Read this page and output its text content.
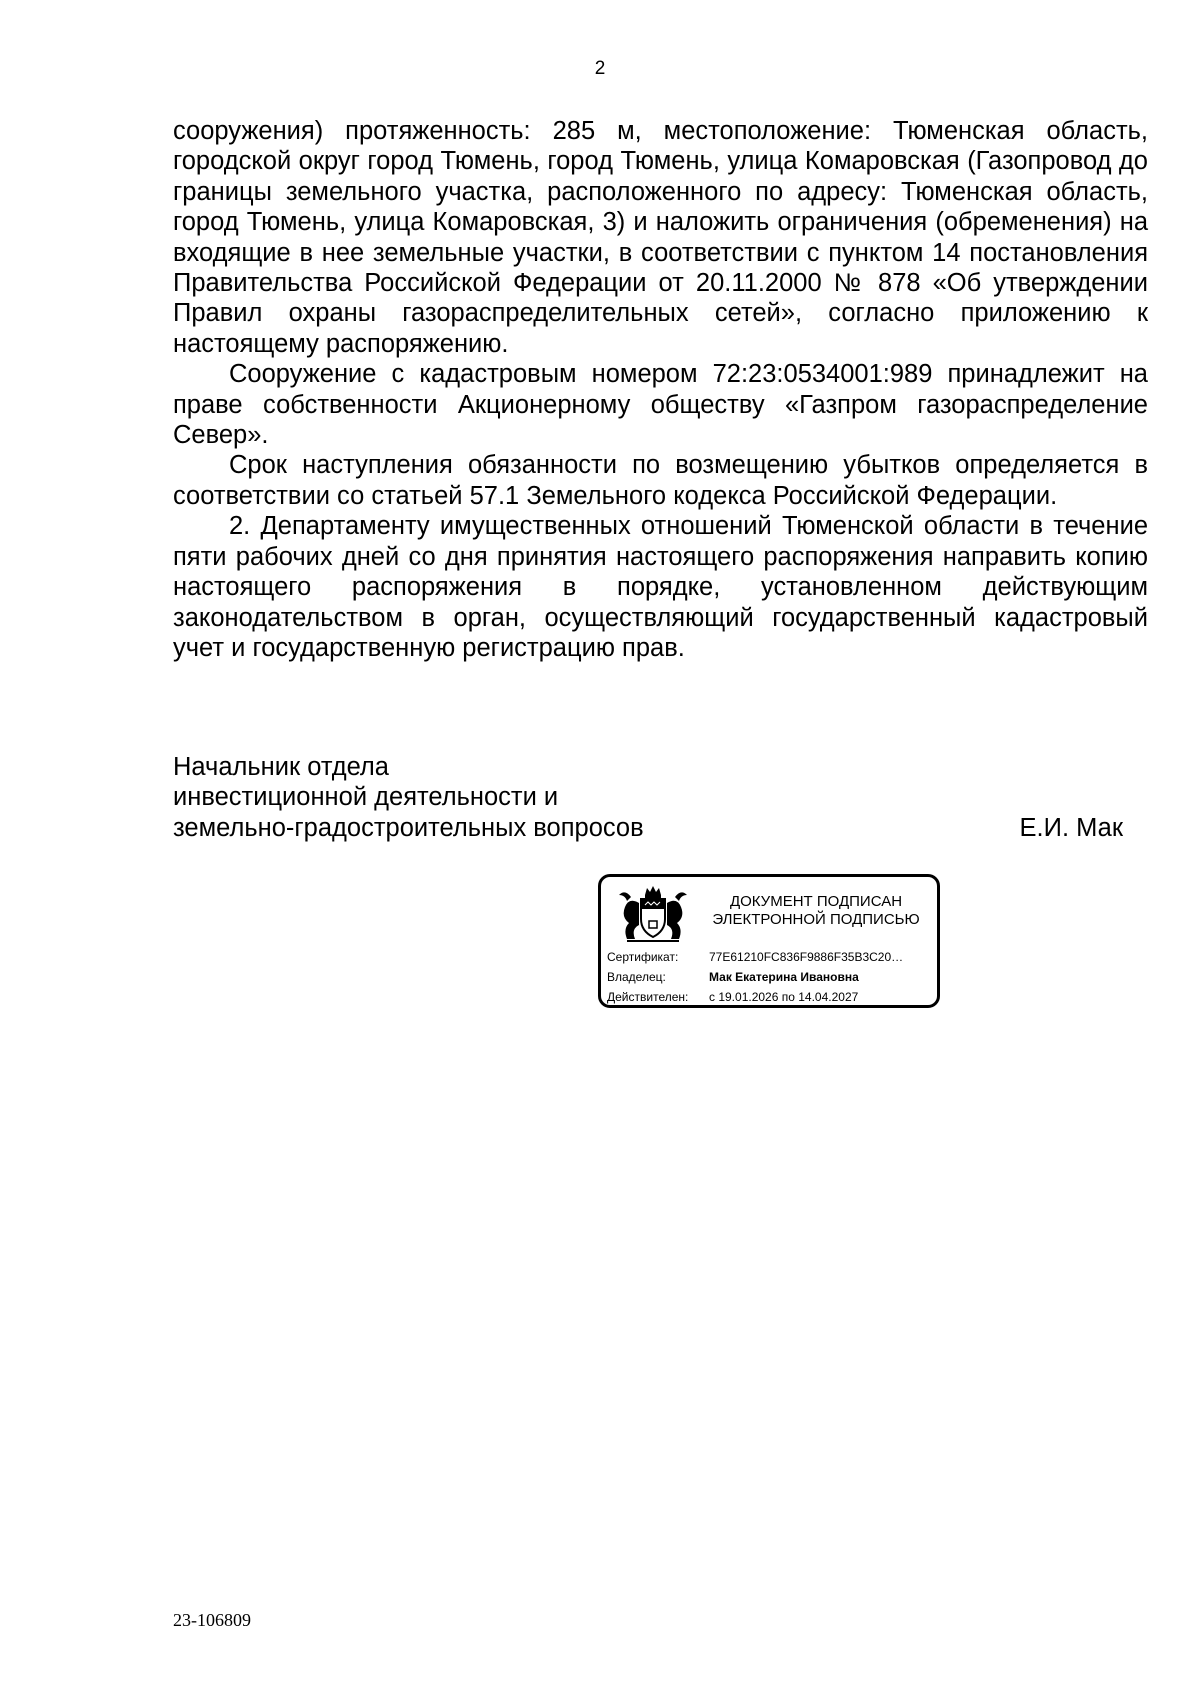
2

сооружения) протяженность: 285 м, местоположение: Тюменская область, городской округ город Тюмень, город Тюмень, улица Комаровская (Газопровод до границы земельного участка, расположенного по адресу: Тюменская область, город Тюмень, улица Комаровская, 3) и наложить ограничения (обременения) на входящие в нее земельные участки, в соответствии с пунктом 14 постановления Правительства Российской Федерации от 20.11.2000 № 878 «Об утверждении Правил охраны газораспределительных сетей», согласно приложению к настоящему распоряжению.

Сооружение с кадастровым номером 72:23:0534001:989 принадлежит на праве собственности Акционерному обществу «Газпром газораспределение Север».

Срок наступления обязанности по возмещению убытков определяется в соответствии со статьей 57.1 Земельного кодекса Российской Федерации.

2. Департаменту имущественных отношений Тюменской области в течение пяти рабочих дней со дня принятия настоящего распоряжения направить копию настоящего распоряжения в порядке, установленном действующим законодательством в орган, осуществляющий государственный кадастровый учет и государственную регистрацию прав.

Начальник отдела
инвестиционной деятельности и
земельно-градостроительных вопросов	Е.И. Мак
ДОКУМЕНТ ПОДПИСАН
ЭЛЕКТРОННОЙ ПОДПИСЬЮ
Сертификат:	77E61210FC836F9886F35B3C20…
Владелец:	Мак Екатерина Ивановна
Действителен:	с 19.01.2026 по 14.04.2027
23-106809
